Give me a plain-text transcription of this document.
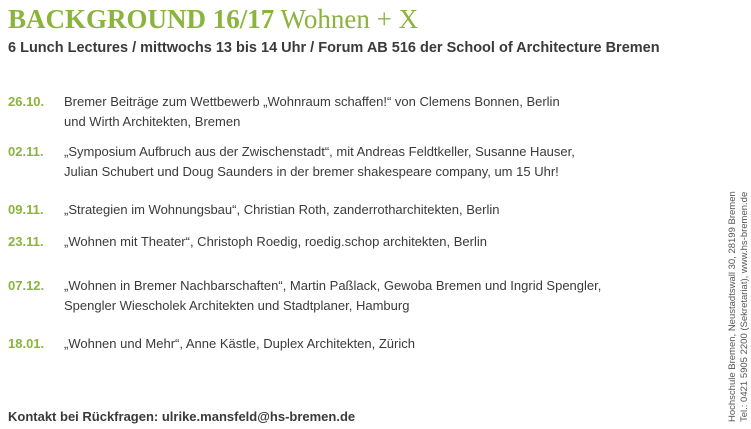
BACKGROUND 16/17 Wohnen + X
6 Lunch Lectures / mittwochs 13 bis 14 Uhr / Forum AB 516 der School of Architecture Bremen
26.10. Bremer Beiträge zum Wettbewerb „Wohnraum schaffen!“ von Clemens Bonnen, Berlin
und Wirth Architekten, Bremen
02.11. „Symposium Aufbruch aus der Zwischenstadt“, mit Andreas Feldtkeller, Susanne Hauser,
Julian Schubert und Doug Saunders in der bremer shakespeare company, um 15 Uhr!
09.11. „Strategien im Wohnungsbau“, Christian Roth, zanderrotharchitekten, Berlin
23.11. „Wohnen mit Theater“, Christoph Roedig, roedig.schop architekten, Berlin
07.12. „Wohnen in Bremer Nachbarschaften“, Martin Paßlack, Gewoba Bremen und Ingrid Spengler,
Spengler Wiescholek Architekten und Stadtplaner, Hamburg
18.01. „Wohnen und Mehr“, Anne Kästle, Duplex Architekten, Zürich
Kontakt bei Rückfragen: ulrike.mansfeld@hs-bremen.de	Hochschule Bremen, Neustadtswall 30, 28199 Bremen Tel.: 0421 5905 2200 (Sekretariat), www.hs-bremen.de
